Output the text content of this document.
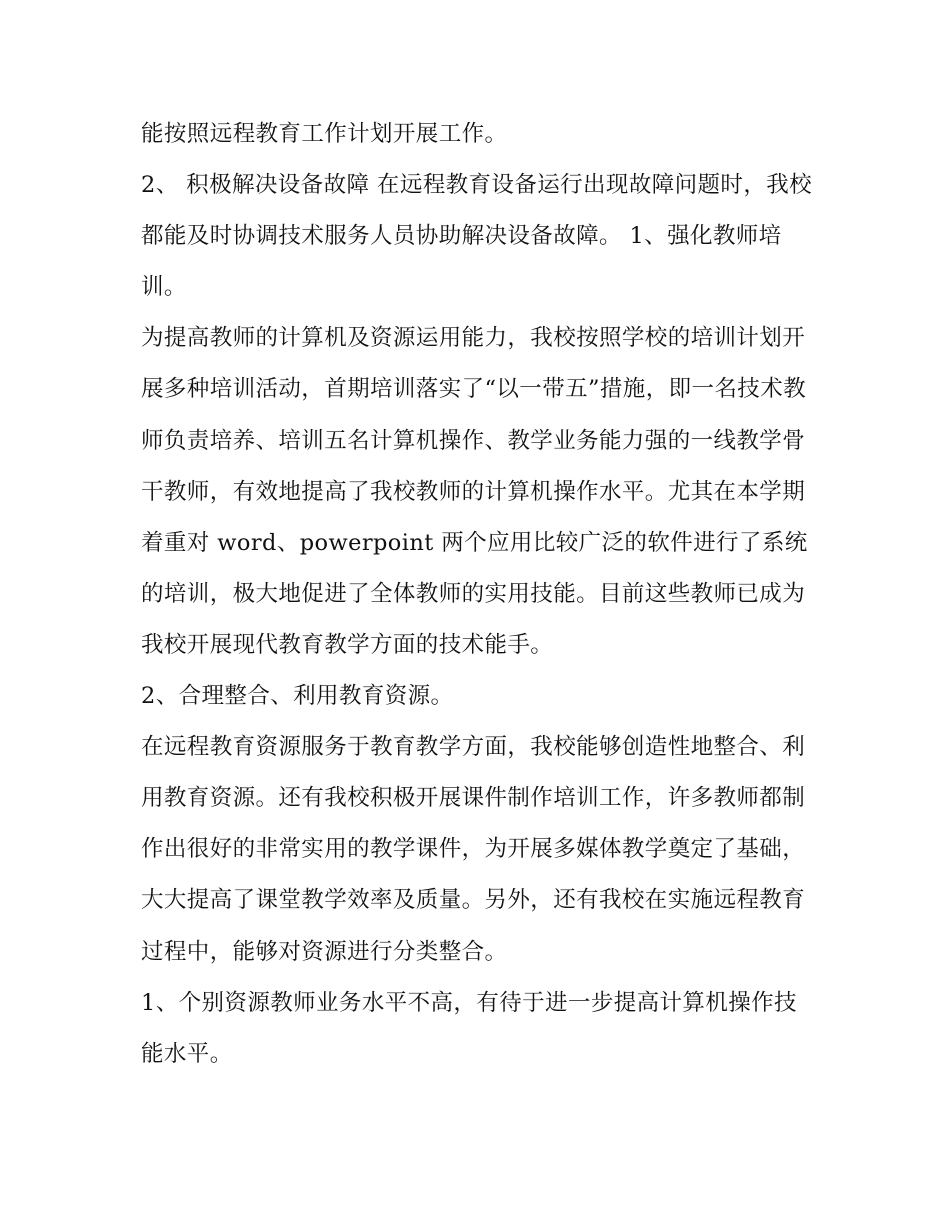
能按照远程教育工作计划开展工作。

2、 积极解决设备故障 在远程教育设备运行出现故障问题时，我校都能及时协调技术服务人员协助解决设备故障。 1、强化教师培训。

为提高教师的计算机及资源运用能力，我校按照学校的培训计划开展多种培训活动，首期培训落实了“以一带五”措施，即一名技术教师负责培养、培训五名计算机操作、教学业务能力强的一线教学骨干教师，有效地提高了我校教师的计算机操作水平。尤其在本学期着重对 word、powerpoint 两个应用比较广泛的软件进行了系统的培训，极大地促进了全体教师的实用技能。目前这些教师已成为我校开展现代教育教学方面的技术能手。

2、合理整合、利用教育资源。

在远程教育资源服务于教育教学方面，我校能够创造性地整合、利用教育资源。还有我校积极开展课件制作培训工作，许多教师都制作出很好的非常实用的教学课件，为开展多媒体教学奠定了基础，大大提高了课堂教学效率及质量。另外，还有我校在实施远程教育过程中，能够对资源进行分类整合。

1、个别资源教师业务水平不高，有待于进一步提高计算机操作技能水平。
